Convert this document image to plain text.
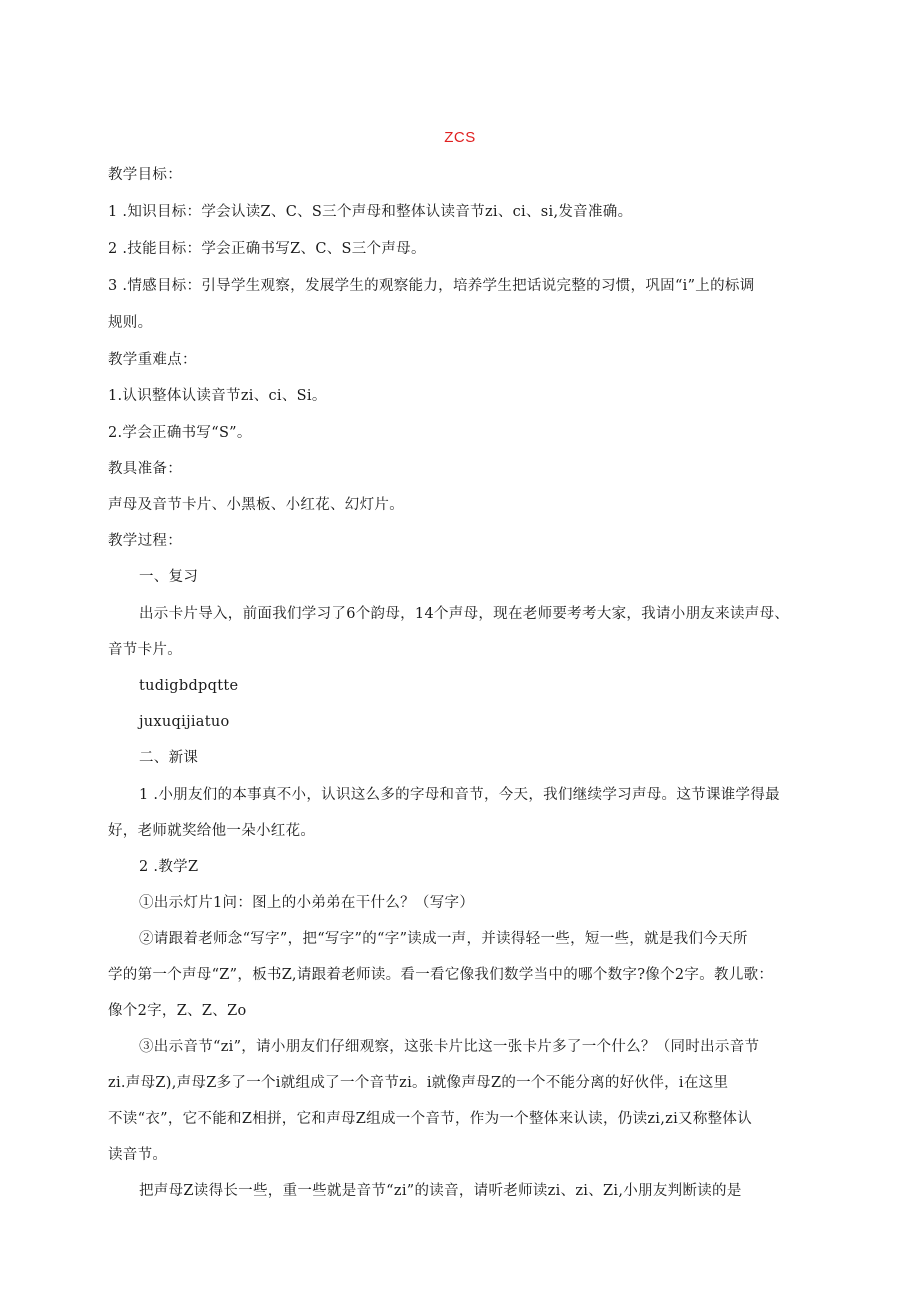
ZCS
教学目标：
1 .知识目标：学会认读Z、C、S三个声母和整体认读音节zi、ci、si,发音准确。
2 .技能目标：学会正确书写Z、C、S三个声母。
3 .情感目标：引导学生观察，发展学生的观察能力，培养学生把话说完整的习惯，巩固“i”上的标调
规则。
教学重难点：
1.认识整体认读音节zi、ci、Si。
2.学会正确书写“S”。
教具准备：
声母及音节卡片、小黑板、小红花、幻灯片。
教学过程：
一、复习
出示卡片导入，前面我们学习了6个韵母，14个声母，现在老师要考考大家，我请小朋友来读声母、
音节卡片。
tudigbdpqtte
juxuqijiatuo
二、新课
1 .小朋友们的本事真不小，认识这么多的字母和音节，今天，我们继续学习声母。这节课谁学得最
好，老师就奖给他一朵小红花。
2 .教学Z
①出示灯片1问：图上的小弟弟在干什么？（写字）
②请跟着老师念“写字”，把“写字”的“字”读成一声，并读得轻一些，短一些，就是我们今天所
学的第一个声母“Z”，板书Z,请跟着老师读。看一看它像我们数学当中的哪个数字?像个2字。教儿歌：
像个2字，Z、Z、Zo
③出示音节“zi”，请小朋友们仔细观察，这张卡片比这一张卡片多了一个什么？（同时出示音节
zi.声母Z),声母Z多了一个i就组成了一个音节zi。i就像声母Z的一个不能分离的好伙伴，i在这里
不读“衣”，它不能和Z相拼，它和声母Z组成一个音节，作为一个整体来认读，仍读zi,zi又称整体认
读音节。
把声母Z读得长一些，重一些就是音节“zi”的读音，请听老师读zi、zi、Zi,小朋友判断读的是
